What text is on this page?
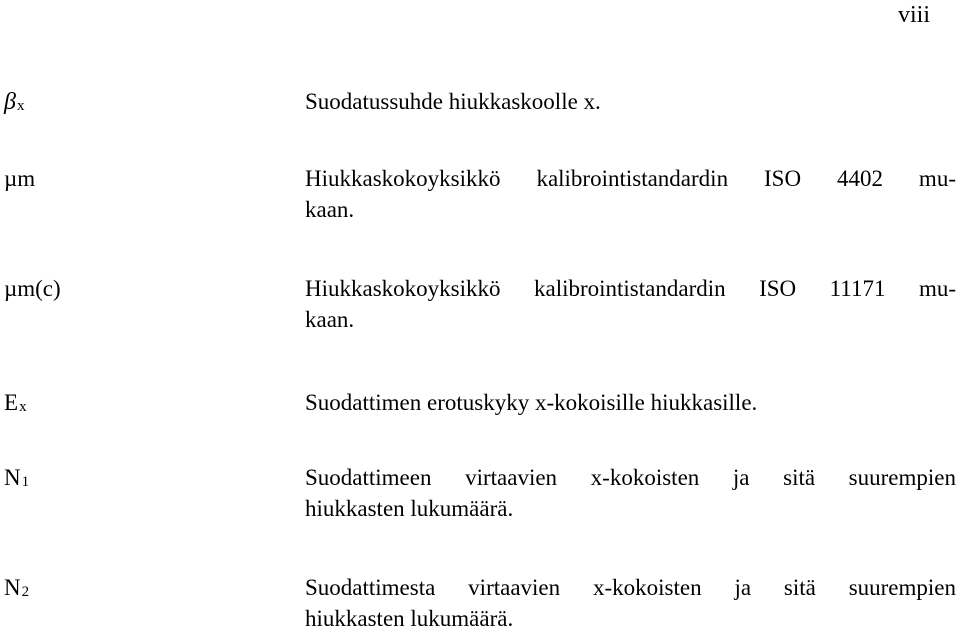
viii
$\beta_x$	Suodatussuhde hiukkaskoolle x.
µm	Hiukkaskokoyksikkö kalibrointistandardin ISO 4402 mu-
kaan.
µm(c)	Hiukkaskokoyksikkö kalibrointistandardin ISO 11171 mu-
kaan.
$E_x$	Suodattimen erotuskyky x-kokoisille hiukkasille.
$N_1$	Suodattimeen virtaavien x-kokoisten ja sitä suurempien
hiukkasten lukumäärä.
$N_2$	Suodattimesta virtaavien x-kokoisten ja sitä suurempien
hiukkasten lukumäärä.
